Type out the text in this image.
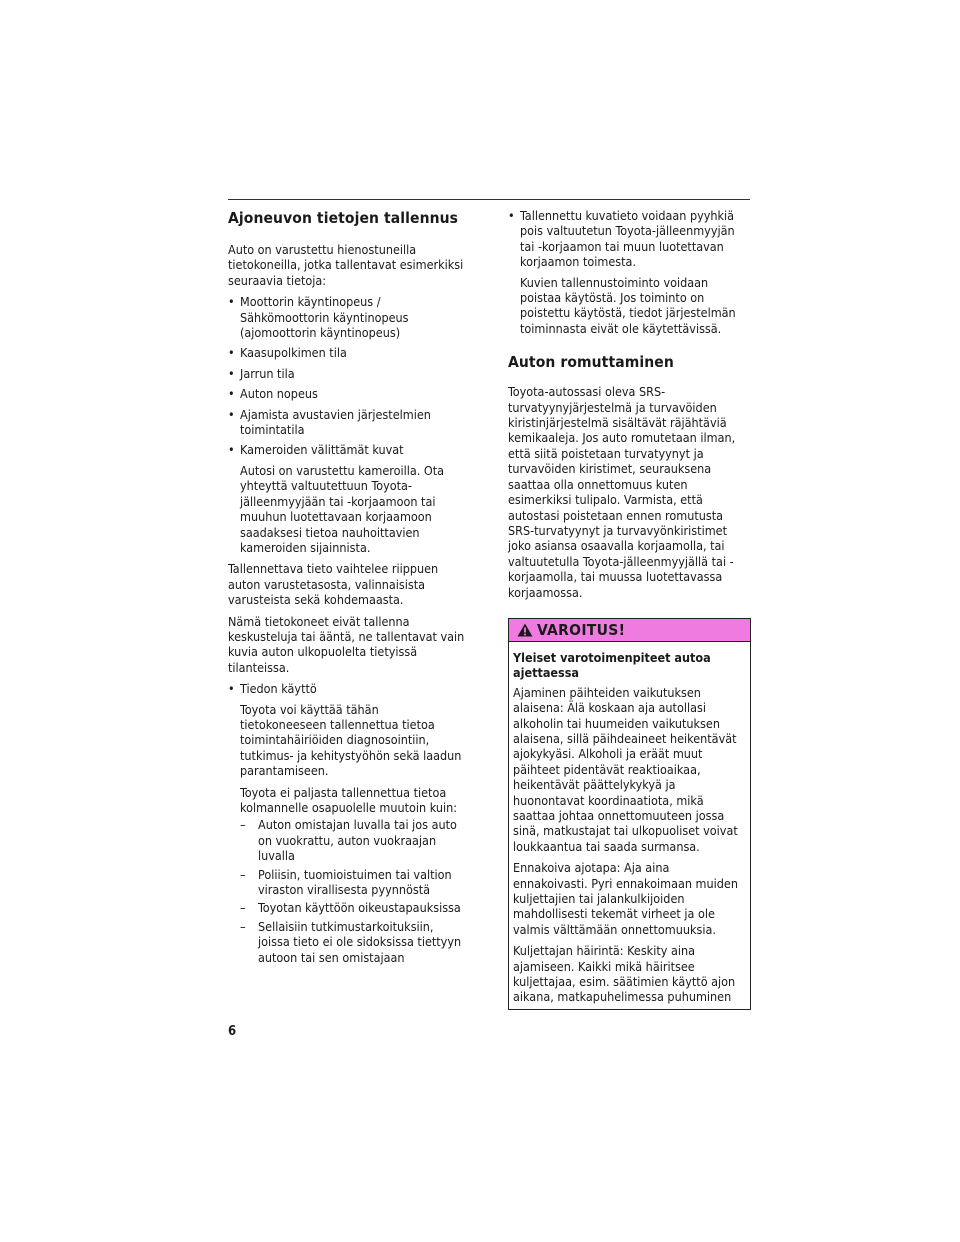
Ajoneuvon tietojen tallennus

Auto on varustettu hienostuneilla tietokoneilla, jotka tallentavat esimerkiksi seuraavia tietoja:

• Moottorin käyntinopeus / Sähkömoottorin käyntinopeus (ajomoottorin käyntinopeus)
• Kaasupolkimen tila
• Jarrun tila
• Auton nopeus
• Ajamista avustavien järjestelmien toimintatila
• Kameroiden välittämät kuvat

Autosi on varustettu kameroilla. Ota yhteyttä valtuutettuun Toyota-jälleenmyyjään tai -korjaamoon tai muuhun luotettavaan korjaamoon saadaksesi tietoa nauhoittavien kameroiden sijainnista.

Tallennettava tieto vaihtelee riippuen auton varustetasosta, valinnaisista varusteista sekä kohdemaasta.

Nämä tietokoneet eivät tallenna keskusteluja tai ääntä, ne tallentavat vain kuvia auton ulkopuolelta tietyissä tilanteissa.

• Tiedon käyttö

Toyota voi käyttää tähän tietokoneeseen tallennettua tietoa toimintahäiriöiden diagnosointiin, tutkimus- ja kehitystyöhön sekä laadun parantamiseen.

Toyota ei paljasta tallennettua tietoa kolmannelle osapuolelle muutoin kuin:

– Auton omistajan luvalla tai jos auto on vuokrattu, auton vuokraajan luvalla
– Poliisin, tuomioistuimen tai valtion viraston virallisesta pyynnöstä
– Toyotan käyttöön oikeustapauksissa
– Sellaisiin tutkimustarkoituksiin, joissa tieto ei ole sidoksissa tiettyyn autoon tai sen omistajaan
• Tallennettu kuvatieto voidaan pyyhkiä pois valtuutetun Toyota-jälleenmyyjän tai -korjaamon tai muun luotettavan korjaamon toimesta.

Kuvien tallennustoiminto voidaan poistaa käytöstä. Jos toiminto on poistettu käytöstä, tiedot järjestelmän toiminnasta eivät ole käytettävissä.

Auton romuttaminen

Toyota-autossasi oleva SRS-turvatyynyjärjestelmä ja turvavöiden kiristinjärjestelmä sisältävät räjähtäviä kemikaaleja. Jos auto romutetaan ilman, että siitä poistetaan turvatyynyt ja turvavöiden kiristimet, seurauksena saattaa olla onnettomuus kuten esimerkiksi tulipalo. Varmista, että autostasi poistetaan ennen romutusta SRS-turvatyynyt ja turvavyönkiristimet joko asiansa osaavalla korjaamolla, tai valtuutetulla Toyota-jälleenmyyjällä tai -korjaamolla, tai muussa luotettavassa korjaamossa.

VAROITUS!

Yleiset varotoimenpiteet autoa ajettaessa

Ajaminen päihteiden vaikutuksen alaisena: Älä koskaan aja autollasi alkoholin tai huumeiden vaikutuksen alaisena, sillä päihdeaineet heikentävät ajokykyäsi. Alkoholi ja eräät muut päihteet pidentävät reaktioaikaa, heikentävät päättelykykyä ja huonontavat koordinaatiota, mikä saattaa johtaa onnettomuuteen jossa sinä, matkustajat tai ulkopuoliset voivat loukkaantua tai saada surmansa.

Ennakoiva ajotapa: Aja aina ennakoivasti. Pyri ennakoimaan muiden kuljettajien tai jalankulkijoiden mahdollisesti tekemät virheet ja ole valmis välttämään onnettomuuksia.

Kuljettajan häirintä: Keskity aina ajamiseen. Kaikki mikä häiritsee kuljettajaa, esim. säätimien käyttö ajon aikana, matkapuhelimessa puhuminen

6
